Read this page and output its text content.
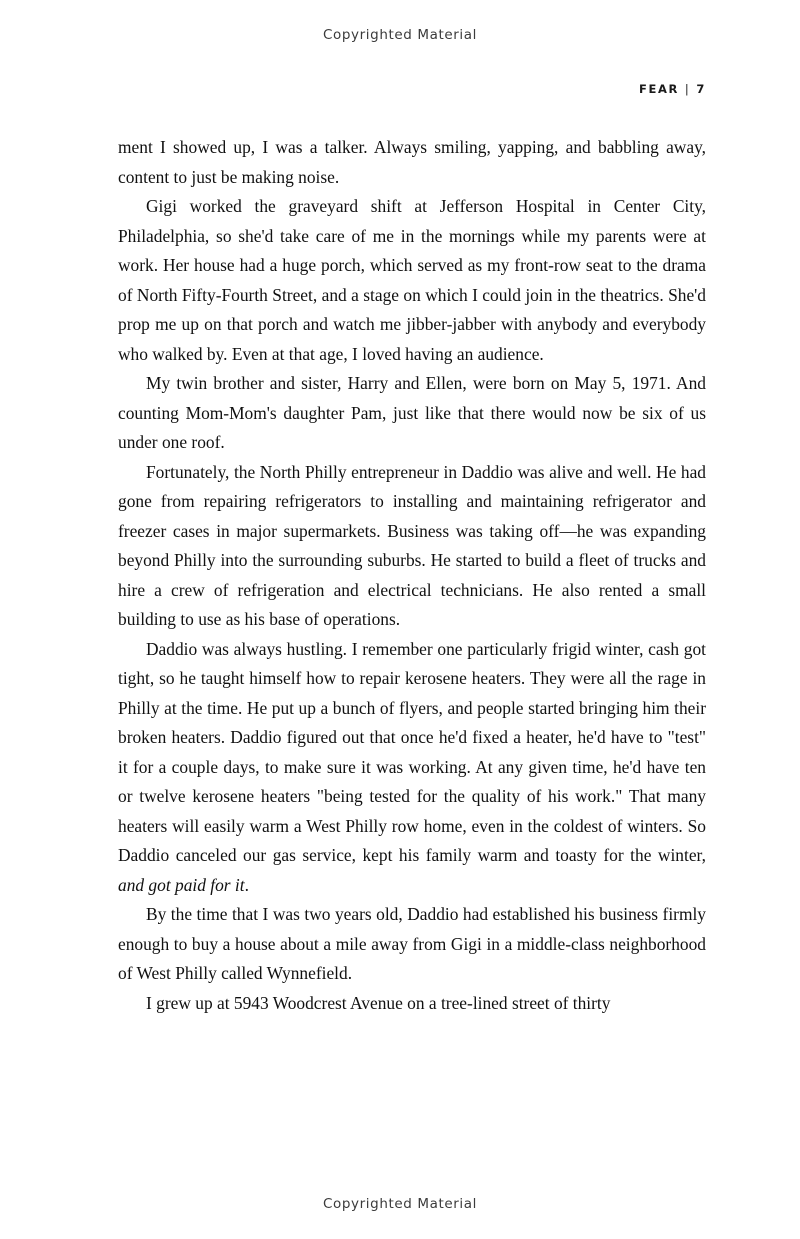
Copyrighted Material
FEAR | 7

ment I showed up, I was a talker. Always smiling, yapping, and babbling away, content to just be making noise.

Gigi worked the graveyard shift at Jefferson Hospital in Center City, Philadelphia, so she'd take care of me in the mornings while my parents were at work. Her house had a huge porch, which served as my front-row seat to the drama of North Fifty-Fourth Street, and a stage on which I could join in the theatrics. She'd prop me up on that porch and watch me jibber-jabber with anybody and everybody who walked by. Even at that age, I loved having an audience.

My twin brother and sister, Harry and Ellen, were born on May 5, 1971. And counting Mom-Mom's daughter Pam, just like that there would now be six of us under one roof.

Fortunately, the North Philly entrepreneur in Daddio was alive and well. He had gone from repairing refrigerators to installing and maintaining refrigerator and freezer cases in major supermarkets. Business was taking off—he was expanding beyond Philly into the surrounding suburbs. He started to build a fleet of trucks and hire a crew of refrigeration and electrical technicians. He also rented a small building to use as his base of operations.

Daddio was always hustling. I remember one particularly frigid winter, cash got tight, so he taught himself how to repair kerosene heaters. They were all the rage in Philly at the time. He put up a bunch of flyers, and people started bringing him their broken heaters. Daddio figured out that once he'd fixed a heater, he'd have to "test" it for a couple days, to make sure it was working. At any given time, he'd have ten or twelve kerosene heaters "being tested for the quality of his work." That many heaters will easily warm a West Philly row home, even in the coldest of winters. So Daddio canceled our gas service, kept his family warm and toasty for the winter, and got paid for it.

By the time that I was two years old, Daddio had established his business firmly enough to buy a house about a mile away from Gigi in a middle-class neighborhood of West Philly called Wynnefield.

I grew up at 5943 Woodcrest Avenue on a tree-lined street of thirty

Copyrighted Material
